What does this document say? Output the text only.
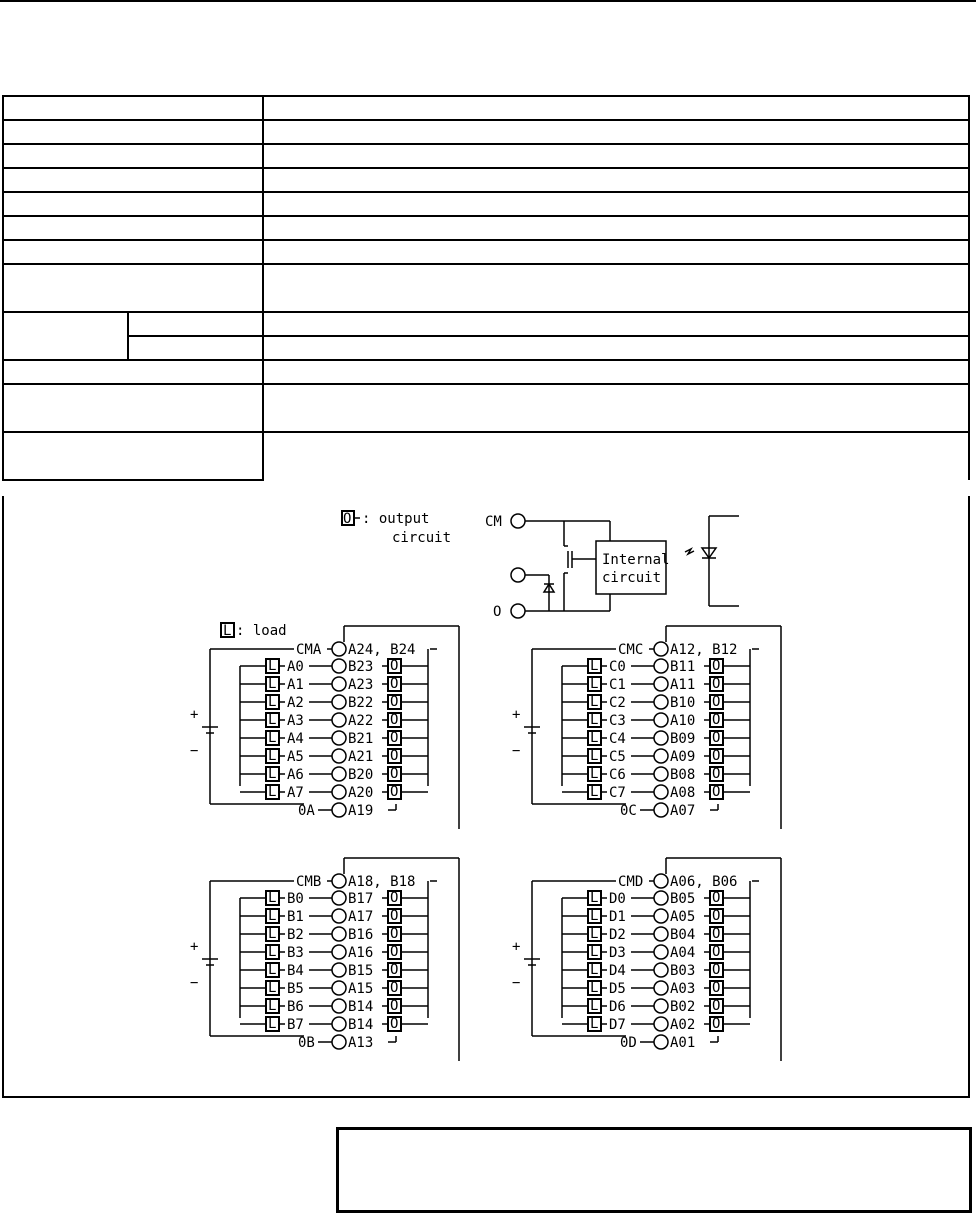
O : output
circuit
CM
O
Internal
circuit
L : load
CMA A24, B24
+
−
L A0	B23 O
L A1	A23 O
L A2	B22 O
L A3	A22 O
L A4	B21 O
L A5	A21 O
L A6	B20 O
L A7	A20 O
0A A19
CMC A12, B12
+
−
L C0	B11 O
L C1	A11 O
L C2	B10 O
L C3	A10 O
L C4	B09 O
L C5	A09 O
L C6	B08 O
L C7	A08 O
0C A07
CMB A18, B18
+
−
L B0	B17 O
L B1	A17 O
L B2	B16 O
L B3	A16 O
L B4	B15 O
L B5	A15 O
L B6	B14 O
L B7	B14 O
0B A13
CMD A06, B06
+
−
L D0	B05 O
L D1	A05 O
L D2	B04 O
L D3	A04 O
L D4	B03 O
L D5	A03 O
L D6	B02 O
L D7	A02 O
0D A01
